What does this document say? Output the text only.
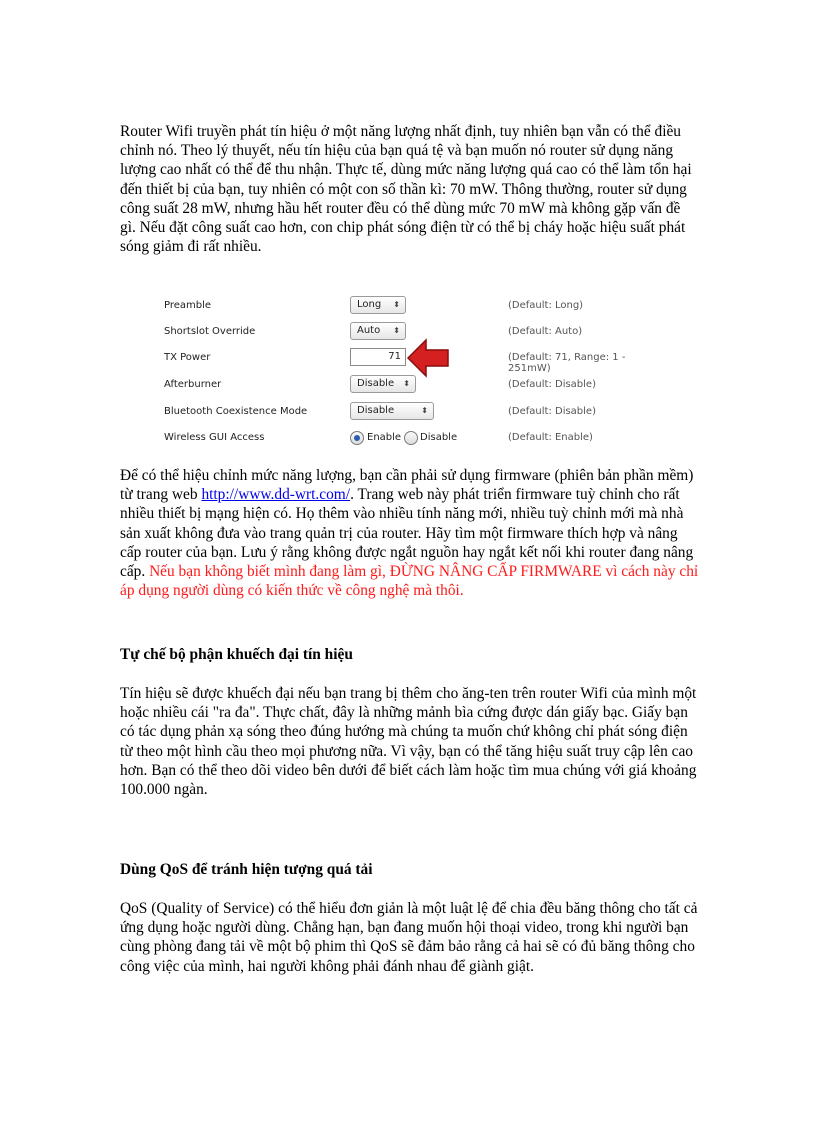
Router Wifi truyền phát tín hiệu ở một năng lượng nhất định, tuy nhiên bạn vẫn có thể điều chỉnh nó. Theo lý thuyết, nếu tín hiệu của bạn quá tệ và bạn muốn nó router sử dụng năng lượng cao nhất có thể để thu nhận. Thực tế, dùng mức năng lượng quá cao có thể làm tổn hại đến thiết bị của bạn, tuy nhiên có một con số thần kì: 70 mW. Thông thường, router sử dụng công suất 28 mW, nhưng hầu hết router đều có thể dùng mức 70 mW mà không gặp vấn đề gì. Nếu đặt công suất cao hơn, con chip phát sóng điện từ có thể bị cháy hoặc hiệu suất phát sóng giảm đi rất nhiều.

Preamble	Long ⬍	(Default: Long)
Shortslot Override	Auto ⬍	(Default: Auto)
TX Power	71	(Default: 71, Range: 1 - 251mW)
Afterburner	Disable ⬍	(Default: Disable)
Bluetooth Coexistence Mode	Disable	⬍	(Default: Disable)
Wireless GUI Access	Enable Disable	(Default: Enable)

Để có thể hiệu chỉnh mức năng lượng, bạn cần phải sử dụng firmware (phiên bản phần mềm) từ trang web http://www.dd-wrt.com/. Trang web này phát triển firmware tuỳ chỉnh cho rất nhiều thiết bị mạng hiện có. Họ thêm vào nhiều tính năng mới, nhiều tuỳ chỉnh mới mà nhà sản xuất không đưa vào trang quản trị của router. Hãy tìm một firmware thích hợp và nâng cấp router của bạn. Lưu ý rằng không được ngắt nguồn hay ngắt kết nối khi router đang nâng cấp. Nếu bạn không biết mình đang làm gì, ĐỪNG NÂNG CẤP FIRMWARE vì cách này chỉ áp dụng người dùng có kiến thức về công nghệ mà thôi.

Tự chế bộ phận khuếch đại tín hiệu

Tín hiệu sẽ được khuếch đại nếu bạn trang bị thêm cho ăng-ten trên router Wifi của mình một hoặc nhiều cái "ra đa". Thực chất, đây là những mảnh bìa cứng được dán giấy bạc. Giấy bạn có tác dụng phản xạ sóng theo đúng hướng mà chúng ta muốn chứ không chỉ phát sóng điện từ theo một hình cầu theo mọi phương nữa. Vì vậy, bạn có thể tăng hiệu suất truy cập lên cao hơn. Bạn có thể theo dõi video bên dưới để biết cách làm hoặc tìm mua chúng với giá khoảng 100.000 ngàn.

Dùng QoS để tránh hiện tượng quá tải

QoS (Quality of Service) có thể hiểu đơn giản là một luật lệ để chia đều băng thông cho tất cả ứng dụng hoặc người dùng. Chẳng hạn, bạn đang muốn hội thoại video, trong khi người bạn cùng phòng đang tải về một bộ phim thì QoS sẽ đảm bảo rằng cả hai sẽ có đủ băng thông cho công việc của mình, hai người không phải đánh nhau để giành giật.
